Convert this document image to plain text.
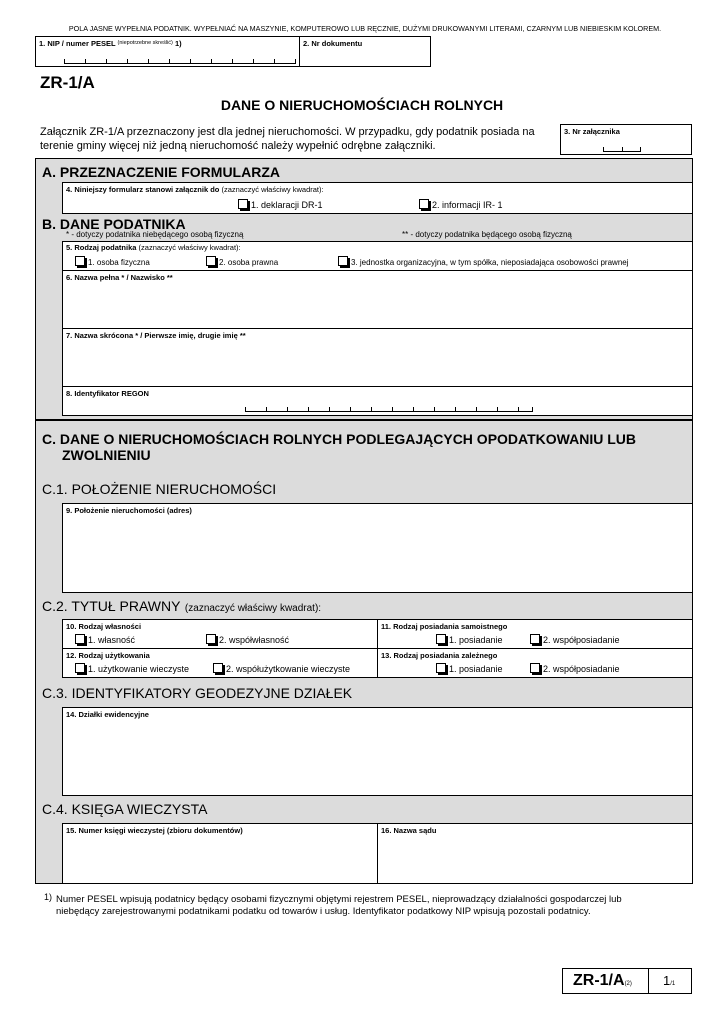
POLA JASNE WYPEŁNIA PODATNIK. WYPEŁNIAĆ NA MASZYNIE, KOMPUTEROWO LUB RĘCZNIE, DUŻYMI DRUKOWANYMI LITERAMI, CZARNYM LUB NIEBIESKIM KOLOREM.
1. NIP / numer PESEL $^{(niepotrzebne skreślić)}$ 1)	2. Nr dokumentu
ZR-1/A
DANE O NIERUCHOMOŚCIACH ROLNYCH
Załącznik ZR-1/A przeznaczony jest dla jednej nieruchomości. W przypadku, gdy podatnik posiada na terenie gminy więcej niż jedną nieruchomość należy wypełnić odrębne załączniki.
3. Nr załącznika
A. PRZEZNACZENIE FORMULARZA
4. Niniejszy formularz stanowi załącznik do (zaznaczyć właściwy kwadrat):
1. deklaracji DR-1	2. informacji IR- 1
B. DANE PODATNIKA
* - dotyczy podatnika niebędącego osobą fizyczną	** - dotyczy podatnika będącego osobą fizyczną
5. Rodzaj podatnika (zaznaczyć właściwy kwadrat):
1. osoba fizyczna	2. osoba prawna	3. jednostka organizacyjna, w tym spółka, nieposiadająca osobowości prawnej
6. Nazwa pełna * / Nazwisko **
7. Nazwa skrócona * / Pierwsze imię, drugie imię **
8. Identyfikator REGON
C. DANE O NIERUCHOMOŚCIACH ROLNYCH PODLEGAJĄCYCH OPODATKOWANIU LUB ZWOLNIENIU
C.1. POŁOŻENIE NIERUCHOMOŚCI
9. Położenie nieruchomości (adres)
C.2. TYTUŁ PRAWNY (zaznaczyć właściwy kwadrat):
10. Rodzaj własności
1. własność	2. współwłasność
11. Rodzaj posiadania samoistnego
1. posiadanie	2. współposiadanie
12. Rodzaj użytkowania
1. użytkowanie wieczyste	2. współużytkowanie wieczyste
13. Rodzaj posiadania zależnego
1. posiadanie	2. współposiadanie
C.3. IDENTYFIKATORY GEODEZYJNE DZIAŁEK
14. Działki ewidencyjne
C.4. KSIĘGA WIECZYSTA
15. Numer księgi wieczystej (zbioru dokumentów)	16. Nazwa sądu
1) Numer PESEL wpisują podatnicy będący osobami fizycznymi objętymi rejestrem PESEL, nieprowadzący działalności gospodarczej lub niebędący zarejestrowanymi podatnikami podatku od towarów i usług. Identyfikator podatkowy NIP wpisują pozostali podatnicy.
ZR-1/A(2) 1/1
